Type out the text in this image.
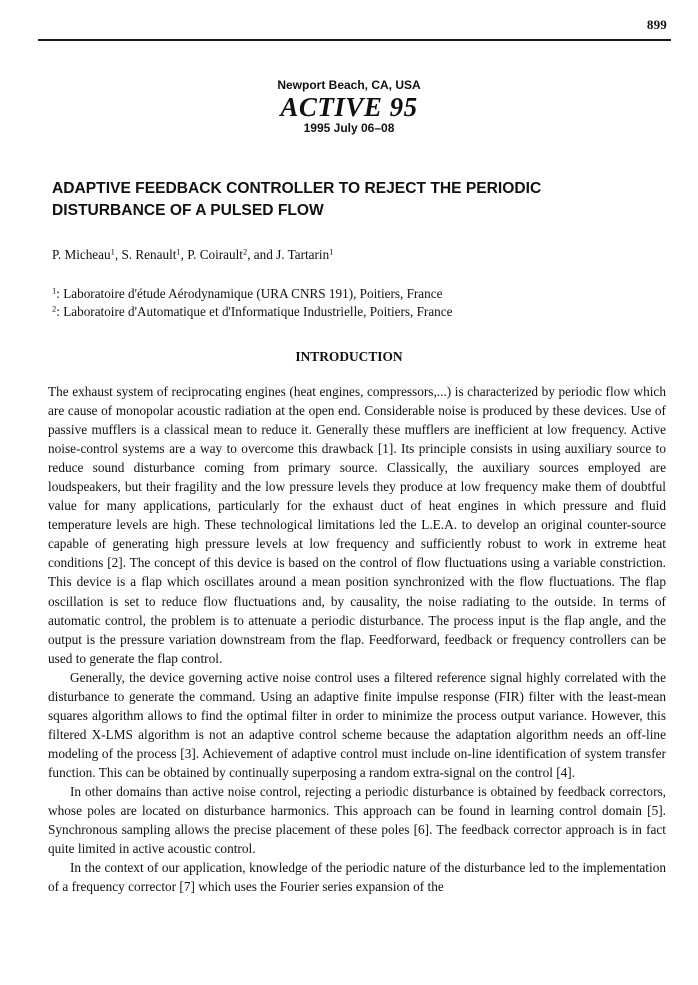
899
Newport Beach, CA, USA
ACTIVE 95
1995 July 06–08
ADAPTIVE FEEDBACK CONTROLLER TO REJECT THE PERIODIC
DISTURBANCE OF A PULSED FLOW
P. Micheau$^1$, S. Renault$^1$, P. Coirault$^2$, and J. Tartarin$^1$
$^1$: Laboratoire d'étude Aérodynamique (URA CNRS 191), Poitiers, France
$^2$: Laboratoire d'Automatique et d'Informatique Industrielle, Poitiers, France
INTRODUCTION

The exhaust system of reciprocating engines (heat engines, compressors,...) is characterized by periodic flow which are cause of monopolar acoustic radiation at the open end. Considerable noise is produced by these devices. Use of passive mufflers is a classical mean to reduce it. Generally these mufflers are inefficient at low frequency. Active noise-control systems are a way to overcome this drawback [1]. Its principle consists in using auxiliary source to reduce sound disturbance coming from primary source. Classically, the auxiliary sources employed are loudspeakers, but their fragility and the low pressure levels they produce at low frequency make them of doubtful value for many applications, particularly for the exhaust duct of heat engines in which pressure and fluid temperature levels are high. These technological limitations led the L.E.A. to develop an original counter-source capable of generating high pressure levels at low frequency and sufficiently robust to work in extreme heat conditions [2]. The concept of this device is based on the control of flow fluctuations using a variable constriction. This device is a flap which oscillates around a mean position synchronized with the flow fluctuations. The flap oscillation is set to reduce flow fluctuations and, by causality, the noise radiating to the outside. In terms of automatic control, the problem is to attenuate a periodic disturbance. The process input is the flap angle, and the output is the pressure variation downstream from the flap. Feedforward, feedback or frequency controllers can be used to generate the flap control.

Generally, the device governing active noise control uses a filtered reference signal highly correlated with the disturbance to generate the command. Using an adaptive finite impulse response (FIR) filter with the least-mean squares algorithm allows to find the optimal filter in order to minimize the process output variance. However, this filtered X-LMS algorithm is not an adaptive control scheme because the adaptation algorithm needs an off-line modeling of the process [3]. Achievement of adaptive control must include on-line identification of system transfer function. This can be obtained by continually superposing a random extra-signal on the control [4].

In other domains than active noise control, rejecting a periodic disturbance is obtained by feedback correctors, whose poles are located on disturbance harmonics. This approach can be found in learning control domain [5]. Synchronous sampling allows the precise placement of these poles [6]. The feedback corrector approach is in fact quite limited in active acoustic control.

In the context of our application, knowledge of the periodic nature of the disturbance led to the implementation of a frequency corrector [7] which uses the Fourier series expansion of the
